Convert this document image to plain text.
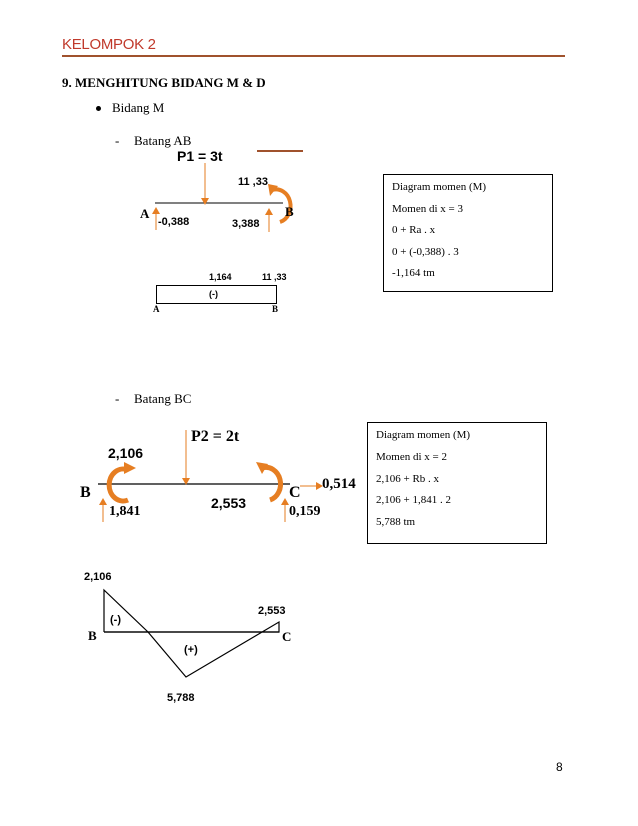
KELOMPOK 2
9. MENGHITUNG BIDANG M & D
Bidang M
- Batang AB
P1 = 3t
11 ,33
A	B
-0,388	3,388
Diagram momen (M)
Momen di x = 3
0 + Ra . x
0 + (-0,388) . 3
-1,164 tm
1,164	11 ,33
(-)
A	B
- Batang BC
P2 = 2t
2,106
B	C
1,841
2,553
0,514
0,159
Diagram momen (M)
Momen di x = 2
2,106 + Rb . x
2,106 + 1,841 . 2
5,788 tm
2,106
2,553
5,788
(-)
(+)
B	C
8
